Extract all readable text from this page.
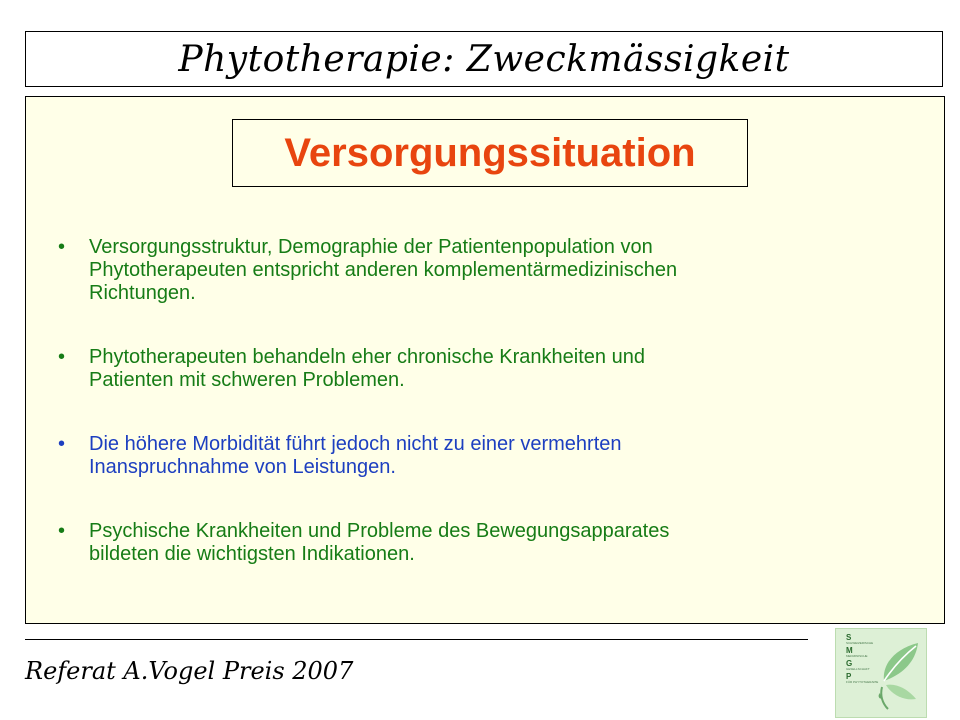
Phytotherapie: Zweckmässigkeit
Versorgungssituation
• Versorgungsstruktur, Demographie der Patientenpopulation von
Phytotherapeuten entspricht anderen komplementärmedizinischen
Richtungen.
• Phytotherapeuten behandeln eher chronische Krankheiten und
Patienten mit schweren Problemen.
• Die höhere Morbidität führt jedoch nicht zu einer vermehrten
Inanspruchnahme von Leistungen.
• Psychische Krankheiten und Probleme des Bewegungsapparates
bildeten die wichtigsten Indikationen.
Referat A.Vogel Preis 2007
S
SCHWEIZERISCHE
M
MEDIZINISCHE
G
GESELLSCHAFT
P
FÜR PHYTOTHERAPIE
